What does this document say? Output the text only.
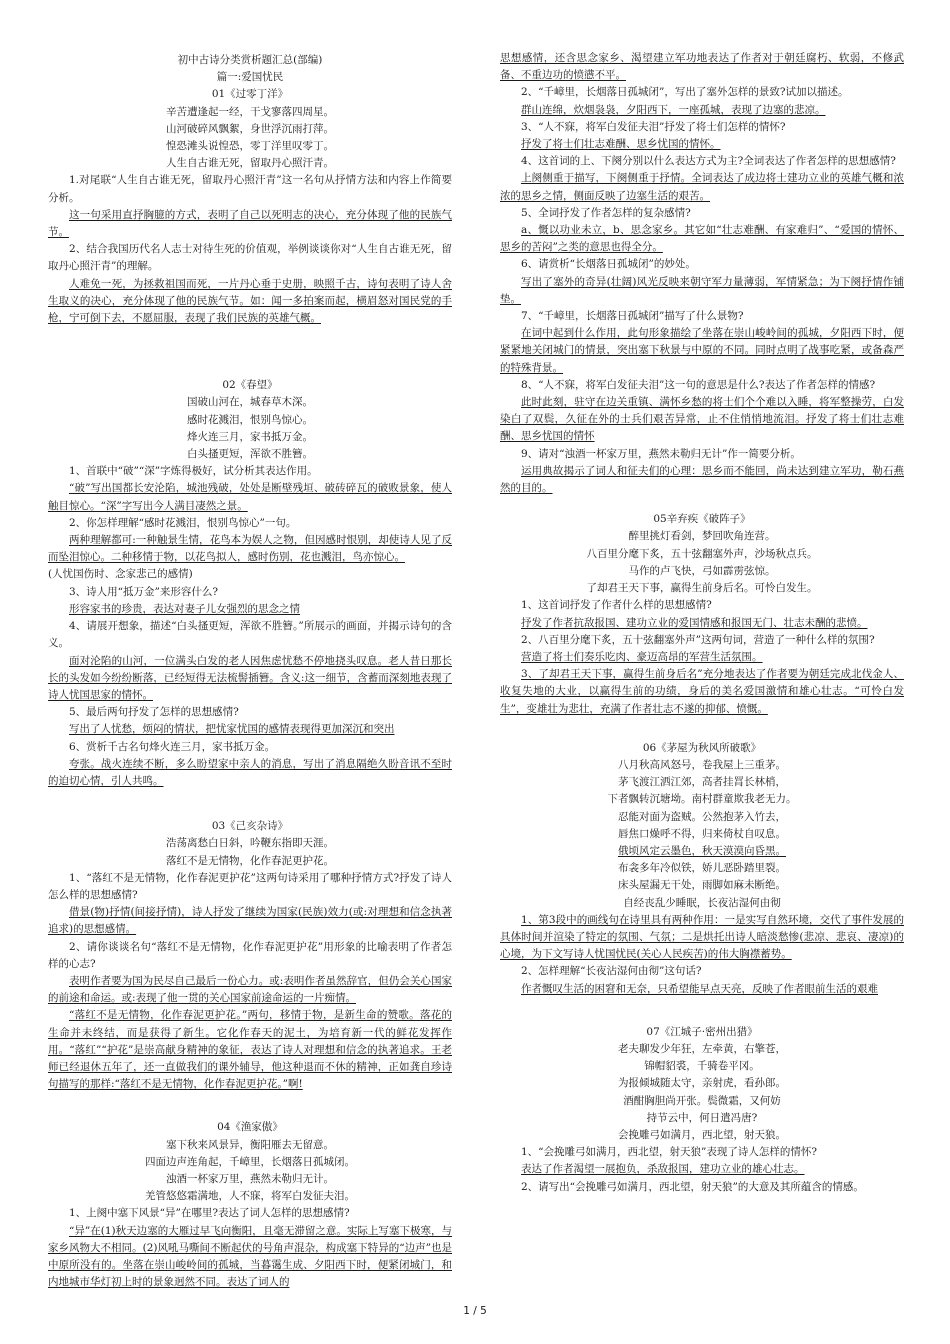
初中古诗分类赏析题汇总(部编)

篇一:爱国忧民

01《过零丁洋》

辛苦遭逢起一经，干戈寥落四周星。

山河破碎风飘絮，身世浮沉雨打萍。

惶恐滩头说惶恐，零丁洋里叹零丁。

人生自古谁无死，留取丹心照汗青。

1.对尾联“人生自古谁无死，留取丹心照汗青”这一名句从抒情方法和内容上作简要分析。

这一句采用直抒胸臆的方式，表明了自己以死明志的决心，充分体现了他的民族气节。

2、结合我国历代名人志士对待生死的价值观，举例谈谈你对“人生自古谁无死，留取丹心照汗青”的理解。

人难免一死，为拯救祖国而死，一片丹心垂于史册，映照千古，诗句表明了诗人舍生取义的决心，充分体现了他的民族气节。如：闻一多拍案而起，横眉怒对国民党的手枪，宁可倒下去，不愿屈服，表现了我们民族的英雄气概。

02《春望》

国破山河在，城春草木深。

感时花溅泪，恨别鸟惊心。

烽火连三月，家书抵万金。

白头搔更短，浑欲不胜簪。

1、首联中“破”“深”字炼得极好，试分析其表达作用。

“破”写出国都长安沦陷，城池残破，处处是断壁残垣、破砖碎瓦的破败景象，使人触目惊心。“深”字写出今人满目凄然之景。

2、你怎样理解“感时花溅泪，恨别鸟惊心”一句。

两种理解都可:一种触景生情，花鸟本为娱人之物，但因感时恨别，却使诗人见了反而坠泪惊心。二种移情于物，以花鸟拟人，感时伤别，花也溅泪，鸟亦惊心。

(人忧国伤时、念家悲己的感情)

3、诗人用“抵万金”来形容什么?

形容家书的珍贵，表达对妻子儿女强烈的思念之情

4、请展开想象，描述“白头搔更短，浑欲不胜簪。”所展示的画面，并揭示诗句的含义。

面对沦陷的山河，一位满头白发的老人因焦虑忧愁不停地挠头叹息。老人昔日那长长的头发如今纷纷断落，已经短得无法梳髻插簪。含义:这一细节，含蓄而深刻地表现了诗人忧国思家的情怀。

5、最后两句抒发了怎样的思想感情?

写出了人忧愁，烦闷的情状，把忧家忧国的感情表现得更加深沉和突出

6、赏析千古名句烽火连三月，家书抵万金。

夸张。战火连续不断，多么盼望家中亲人的消息，写出了消息隔绝久盼音讯不至时的迫切心情，引人共鸣。

03《己亥杂诗》

浩荡离愁白日斜，吟鞭东指即天涯。

落红不是无情物，化作春泥更护花。

1、“落红不是无情物，化作春泥更护花”这两句诗采用了哪种抒情方式?抒发了诗人怎么样的思想感情?

借景(物)抒情(间接抒情)，诗人抒发了继续为国家(民族)效力(或:对理想和信念执著追求)的思想感情。

2、请你谈谈名句“落红不是无情物，化作春泥更护花”用形象的比喻表明了作者怎样的心志?

表明作者要为国为民尽自己最后一份心力。或:表明作者虽然辞官，但仍会关心国家的前途和命运。或:表现了他一贯的关心国家前途命运的一片痴情。

“落红不是无情物，化作春泥更护花。”两句，移情于物，是新生命的赞歌。落花的生命并未终结，而是获得了新生。它化作春天的泥土，为培育新一代的鲜花发挥作用。“落红”“护花”是崇高献身精神的象征，表达了诗人对理想和信念的执著追求。王老师已经退休五年了，还一直做我们的课外辅导，他这种退而不休的精神，正如龚自珍诗句描写的那样:“落红不是无情物，化作春泥更护花。”啊!

04《渔家傲》

塞下秋来风景异，衡阳雁去无留意。

四面边声连角起，千嶂里，长烟落日孤城闭。

浊酒一杯家万里，燕然未勒归无计。

羌管悠悠霜满地，人不寐，将军白发征夫泪。

1、上阕中塞下风景“异”在哪里?表达了词人怎样的思想感情?

“异”在(1)秋天边塞的大雁过早飞向衡阳，且毫无滞留之意。实际上写塞下极寒，与家乡风物大不相同。(2)风吼马嘶间不断起伏的号角声混杂，构成塞下特异的“边声”也是中原所没有的。坐落在崇山峻岭间的孤城，当暮霭生成、夕阳西下时，便紧闭城门，和内地城市华灯初上时的景象迥然不同。表达了词人的

思想感情，还含思念家乡、渴望建立军功地表达了作者对于朝廷腐朽、软弱，不修武备、不重边功的愤懑不平。

2、“千嶂里，长烟落日孤城闭”，写出了塞外怎样的景致?试加以描述。

群山连绵，炊烟袅袅，夕阳西下，一座孤城，表现了边塞的悲凉。

3、“人不寐，将军白发征夫泪”抒发了将士们怎样的情怀?

抒发了将士们壮志难酬、思乡忧国的情怀。

4、这首词的上、下阕分别以什么表达方式为主?全词表达了作者怎样的思想感情?

上阕侧重于描写，下阕侧重于抒情。全词表达了成边将士建功立业的英雄气概和浓浓的思乡之情，侧面反映了边塞生活的艰苦。

5、全词抒发了作者怎样的复杂感情?

a、慨以功业未立，b、思念家乡。其它如“壮志难酬、有家难归”、“爱国的情怀、思乡的苦闷”之类的意思也得全分。

6、请赏析“长烟落日孤城闭”的妙处。

写出了塞外的奇异(壮阔)风光反映来朝守军力量薄弱，军情紧急；为下阕抒情作铺垫。

7、“千嶂里，长烟落日孤城闭”描写了什么景物?

在词中起到什么作用，此句形象描绘了坐落在崇山峻岭间的孤城，夕阳西下时，便紧紧地关闭城门的情景，突出塞下秋景与中原的不同。同时点明了战事吃紧，或备森严的特殊背景。

8、“人不寐，将军白发征夫泪”这一句的意思是什么?表达了作者怎样的情感?

此时此刻，驻守在边关重镇、满怀乡愁的将士们个个难以入睡，将军整操劳，白发染白了双鬓，久征在外的士兵们艰苦异常，止不住悄悄地流泪。抒发了将士们壮志难酬、思乡忧国的情怀

9、请对“浊酒一杯家万里，燕然未勒归无计”作一简要分析。

运用典故揭示了词人和征夫们的心理：思乡而不能回，尚未达到建立军功，勒石燕然的目的。

05辛弃疾《破阵子》

醉里挑灯看剑，梦回吹角连营。

八百里分麾下炙，五十弦翻塞外声，沙场秋点兵。

马作的卢飞快，弓如霹雳弦惊。

了却君王天下事，赢得生前身后名。可怜白发生。

1、这首词抒发了作者什么样的思想感情?

抒发了作者抗敌报国、建功立业的爱国情感和报国无门、壮志未酬的悲愤。

2、八百里分麾下炙，五十弦翻塞外声”这两句词，营造了一种什么样的氛围?

营造了将士们奏乐吃肉、豪迈高昂的军营生活氛围。

3、了却君王天下事，赢得生前身后名”充分地表达了作者要为朝廷完成北伐金人、收复失地的大业，以赢得生前的功绩，身后的美名爱国激情和雄心壮志。“可怜白发生”，变雄壮为悲壮，充满了作者壮志不遂的抑郁、愤慨。

06《茅屋为秋风所破歌》

八月秋高风怒号，卷我屋上三重茅。

茅飞渡江洒江郊，高者挂罥长林梢，

下者飘转沉塘坳。南村群童欺我老无力。

忍能对面为盗贼。公然抱茅入竹去，

唇焦口燥呼不得，归来倚杖自叹息。

俄顷风定云墨色，秋天漠漠向昏黑。

布衾多年冷似铁，娇儿恶卧踏里裂。

床头屋漏无干处，雨脚如麻未断绝。

自经丧乱少睡眠，长夜沾湿何由彻

1、第3段中的画线句在诗里具有两种作用：一是实写自然环境，交代了事件发展的具体时间并渲染了特定的氛围、气氛；二是烘托出诗人暗淡愁惨(悲凉、悲哀、凄凉)的心境，为下文写诗人忧国忧民(关心人民疾苦)的伟大胸襟蓄势。

2、怎样理解“长夜沾湿何由彻”这句话?

作者慨叹生活的困窘和无奈，只希望能早点天亮，反映了作者眼前生活的艰难

07《江城子·密州出猎》

老夫聊发少年狂，左牵黄，右擎苍，

锦帽貂裘，千骑卷平冈。

为报倾城随太守，亲射虎，看孙郎。

酒酣胸胆尚开张。鬓微霜，又何妨

持节云中，何日遣冯唐?

会挽雕弓如满月，西北望，射天狼。

1、“会挽雕弓如满月，西北望，射天狼”表现了诗人怎样的情怀?

表达了作者渴望一展抱负，杀敌报国，建功立业的雄心壮志。

2、请写出“会挽雕弓如满月，西北望，射天狼”的大意及其所蕴含的情感。

1 / 5
